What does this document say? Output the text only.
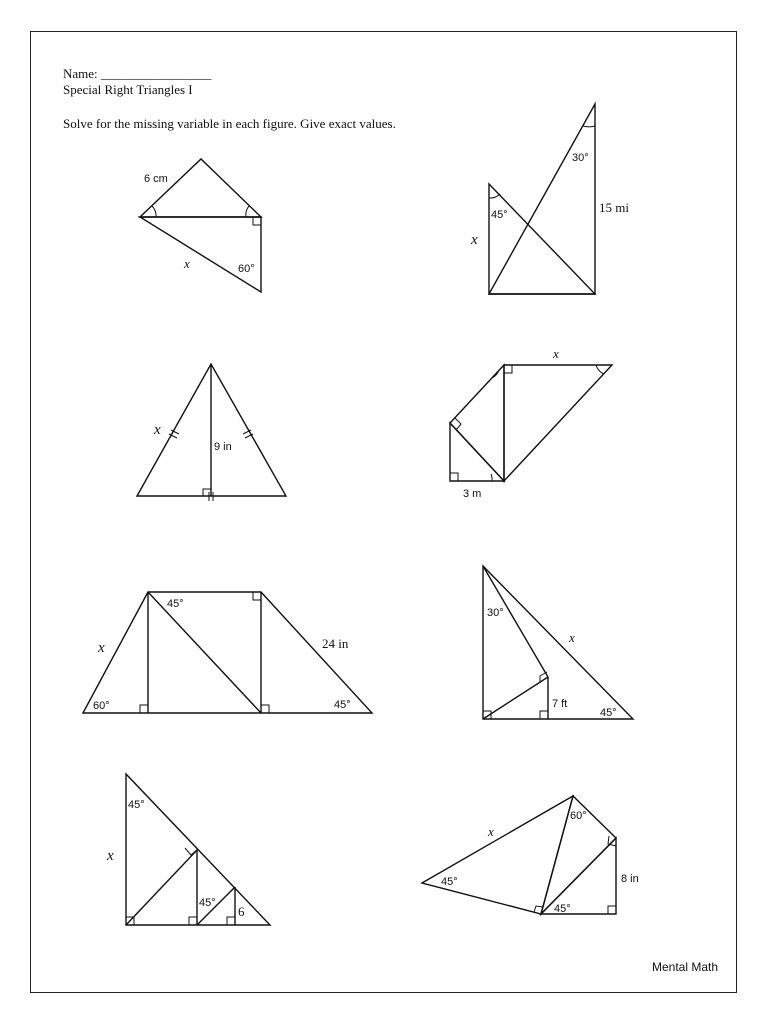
Name: _________________
Special Right Triangles I
Solve for the missing variable in each figure. Give exact values.
Mental Math
6 cm
60°
x
30°
45°	15 mi
x
9 in
x
3 m
x
45°
60°	45°
24 in
x
30°
45°
7 ft
x
45°
45°
6
x
60°
45°
45°	8 in
x
